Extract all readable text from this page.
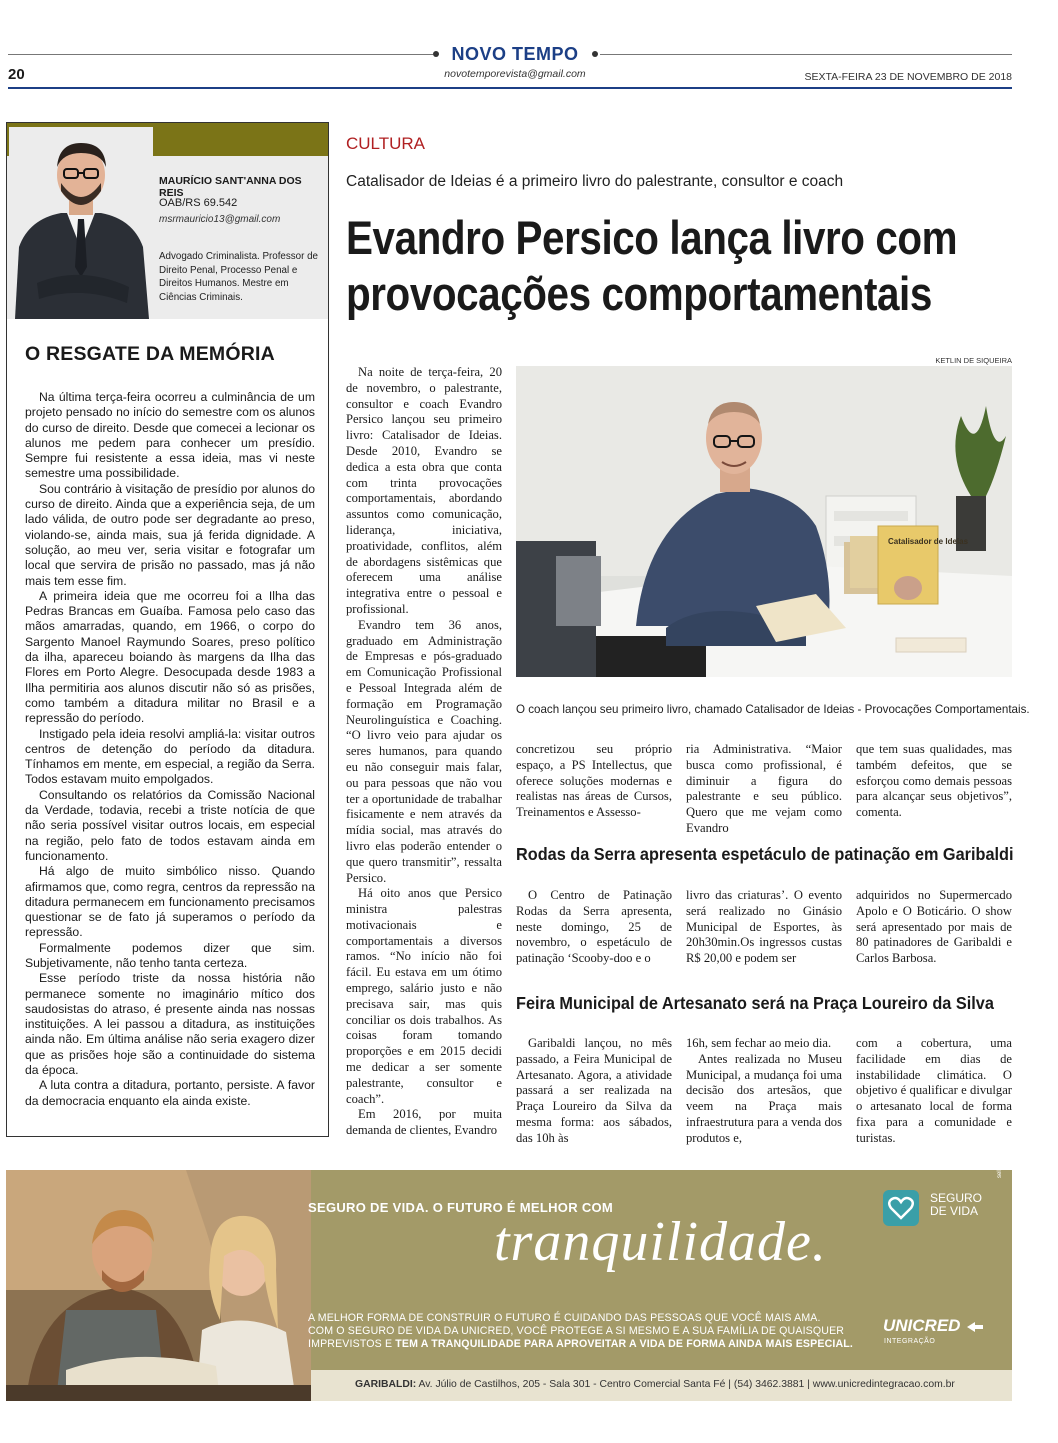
NOVO TEMPO
novotemporevista@gmail.com
20	SEXTA-FEIRA 23 DE NOVEMBRO DE 2018
MAURÍCIO SANT'ANNA DOS REIS
OAB/RS 69.542
msrmauricio13@gmail.com
Advogado Criminalista. Professor de Direito Penal, Processo Penal e Direitos Humanos. Mestre em Ciências Criminais.
O RESGATE DA MEMÓRIA

Na última terça-feira ocorreu a culminância de um projeto pensado no início do semestre com os alunos do curso de direito. Desde que comecei a lecionar os alunos me pedem para conhecer um presídio. Sempre fui resistente a essa ideia, mas vi neste semestre uma possibilidade.

Sou contrário à visitação de presídio por alunos do curso de direito. Ainda que a experiência seja, de um lado válida, de outro pode ser degradante ao preso, violando-se, ainda mais, sua já ferida dignidade. A solução, ao meu ver, seria visitar e fotografar um local que servira de prisão no passado, mas já não mais tem esse fim.

A primeira ideia que me ocorreu foi a Ilha das Pedras Brancas em Guaíba. Famosa pelo caso das mãos amarradas, quando, em 1966, o corpo do Sargento Manoel Raymundo Soares, preso político da ilha, apareceu boiando às margens da Ilha das Flores em Porto Alegre. Desocupada desde 1983 a Ilha permitiria aos alunos discutir não só as prisões, como também a ditadura militar no Brasil e a repressão do período.

Instigado pela ideia resolvi ampliá-la: visitar outros centros de detenção do período da ditadura. Tínhamos em mente, em especial, a região da Serra. Todos estavam muito empolgados.

Consultando os relatórios da Comissão Nacional da Verdade, todavia, recebi a triste notícia de que não seria possível visitar outros locais, em especial na região, pelo fato de todos estavam ainda em funcionamento.

Há algo de muito simbólico nisso. Quando afirmamos que, como regra, centros da repressão na ditadura permanecem em funcionamento precisamos questionar se de fato já superamos o período da repressão.

Formalmente podemos dizer que sim. Subjetivamente, não tenho tanta certeza.

Esse período triste da nossa história não permanece somente no imaginário mítico dos saudosistas do atraso, é presente ainda nas nossas instituições. A lei passou a ditadura, as instituições ainda não. Em última análise não seria exagero dizer que as prisões hoje são a continuidade do sistema da época.

A luta contra a ditadura, portanto, persiste. A favor da democracia enquanto ela ainda existe.

CULTURA
Catalisador de Ideias é a primeiro livro do palestrante, consultor e coach
Evandro Persico lança livro com
provocações comportamentais
KETLIN DE SIQUEIRA
Catalisador de Ideias
O coach lançou seu primeiro livro, chamado Catalisador de Ideias - Provocações Comportamentais.

Na noite de terça-feira, 20 de novembro, o palestrante, consultor e coach Evandro Persico lançou seu primeiro livro: Catalisador de Ideias. Desde 2010, Evandro se dedica a esta obra que conta com trinta provocações comportamentais, abordando assuntos como comunicação, liderança, iniciativa, proatividade, conflitos, além de abordagens sistêmicas que oferecem uma análise integrativa entre o pessoal e profissional.

Evandro tem 36 anos, graduado em Administração de Empresas e pós-graduado em Comunicação Profissional e Pessoal Integrada além de formação em Programação Neurolinguística e Coaching. “O livro veio para ajudar os seres humanos, para quando eu não conseguir mais falar, ou para pessoas que não vou ter a oportunidade de trabalhar fisicamente e nem através da mídia social, mas através do livro elas poderão entender o que quero transmitir”, ressalta Persico.

Há oito anos que Persico ministra palestras motivacionais e comportamentais a diversos ramos. “No início não foi fácil. Eu estava em um ótimo emprego, salário justo e não precisava sair, mas quis conciliar os dois trabalhos. As coisas foram tomando proporções e em 2015 decidi me dedicar a ser somente palestrante, consultor e coach”.

Em 2016, por muita demanda de clientes, Evandro

concretizou seu próprio espaço, a PS Intellectus, que oferece soluções modernas e realistas nas áreas de Cursos, Treinamentos e Assesso-
ria Administrativa. “Maior busca como profissional, é diminuir a figura do palestrante e seu público. Quero que me vejam como Evandro
que tem suas qualidades, mas também defeitos, que se esforçou como demais pessoas para alcançar seus objetivos”, comenta.
Rodas da Serra apresenta espetáculo de patinação em Garibaldi

O Centro de Patinação Rodas da Serra apresenta, neste domingo, 25 de novembro, o espetáculo de patinação ‘Scooby-doo e o

livro das criaturas’. O evento será realizado no Ginásio Municipal de Esportes, às 20h30min.Os ingressos custas R$ 20,00 e podem ser
adquiridos no Supermercado Apolo e O Boticário. O show será apresentado por mais de 80 patinadores de Garibaldi e Carlos Barbosa.
Feira Municipal de Artesanato será na Praça Loureiro da Silva

Garibaldi lançou, no mês passado, a Feira Municipal de Artesanato. Agora, a atividade passará a ser realizada na Praça Loureiro da Silva da mesma forma: aos sábados, das 10h às

16h, sem fechar ao meio dia.

Antes realizada no Museu Municipal, a mudança foi uma decisão dos artesãos, que veem na Praça mais infraestrutura para a venda dos produtos e,

com a cobertura, uma facilidade em dias de instabilidade climática. O objetivo é qualificar e divulgar o artesanato local de forma fixa para a comunidade e turistas.
SEGURO DE VIDA. O FUTURO É MELHOR COM
tranquilidade.
SEGURO DE VIDA
selling
A MELHOR FORMA DE CONSTRUIR O FUTURO É CUIDANDO DAS PESSOAS QUE VOCÊ MAIS AMA.
COM O SEGURO DE VIDA DA UNICRED, VOCÊ PROTEGE A SI MESMO E A SUA FAMÍLIA DE QUAISQUER
IMPREVISTOS E TEM A TRANQUILIDADE PARA APROVEITAR A VIDA DE FORMA AINDA MAIS ESPECIAL.
UNICRED
INTEGRAÇÃO
GARIBALDI: Av. Júlio de Castilhos, 205 - Sala 301 - Centro Comercial Santa Fé | (54) 3462.3881 | www.unicredintegracao.com.br
